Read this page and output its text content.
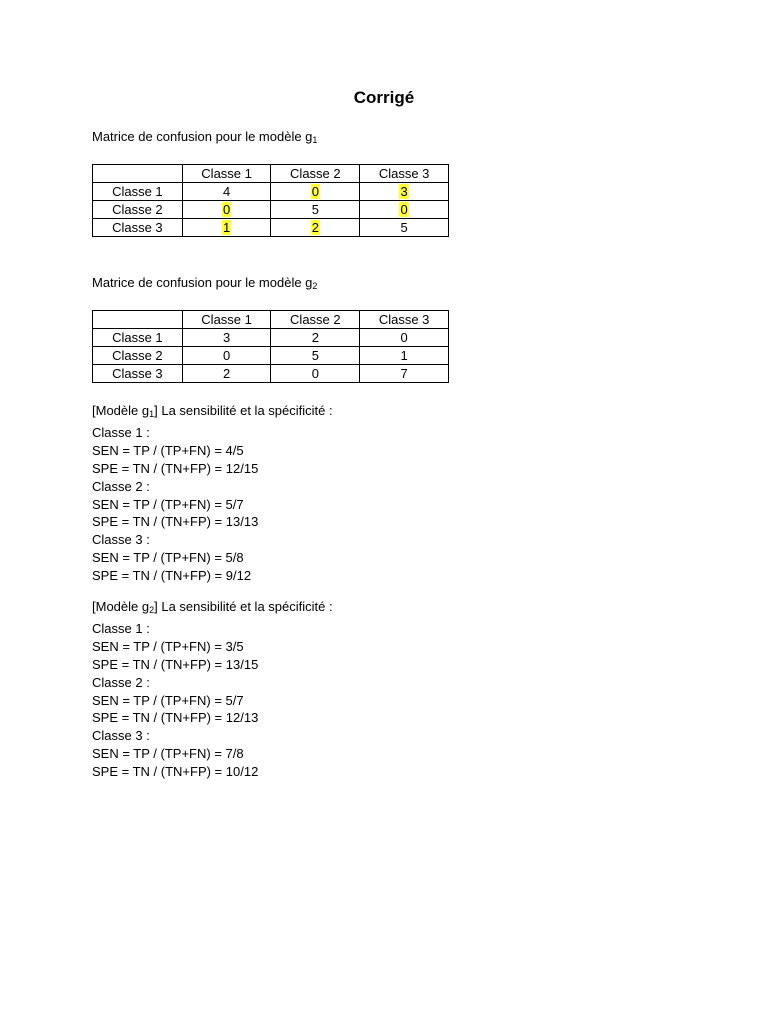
Corrigé
Matrice de confusion pour le modèle $g_1$
	Classe 1	Classe 2	Classe 3
Classe 1	4	0	3
Classe 2	0	5	0
Classe 3	1	2	5
Matrice de confusion pour le modèle $g_2$
	Classe 1	Classe 2	Classe 3
Classe 1	3	2	0
Classe 2	0	5	1
Classe 3	2	0	7
[Modèle $g_1$] La sensibilité et la spécificité :
Classe 1 :
SEN = TP / (TP+FN) = 4/5
SPE = TN / (TN+FP) = 12/15
Classe 2 :
SEN = TP / (TP+FN) = 5/7
SPE = TN / (TN+FP) = 13/13
Classe 3 :
SEN = TP / (TP+FN) = 5/8
SPE = TN / (TN+FP) = 9/12
[Modèle $g_2$] La sensibilité et la spécificité :
Classe 1 :
SEN = TP / (TP+FN) = 3/5
SPE = TN / (TN+FP) = 13/15
Classe 2 :
SEN = TP / (TP+FN) = 5/7
SPE = TN / (TN+FP) = 12/13
Classe 3 :
SEN = TP / (TP+FN) = 7/8
SPE = TN / (TN+FP) = 10/12
